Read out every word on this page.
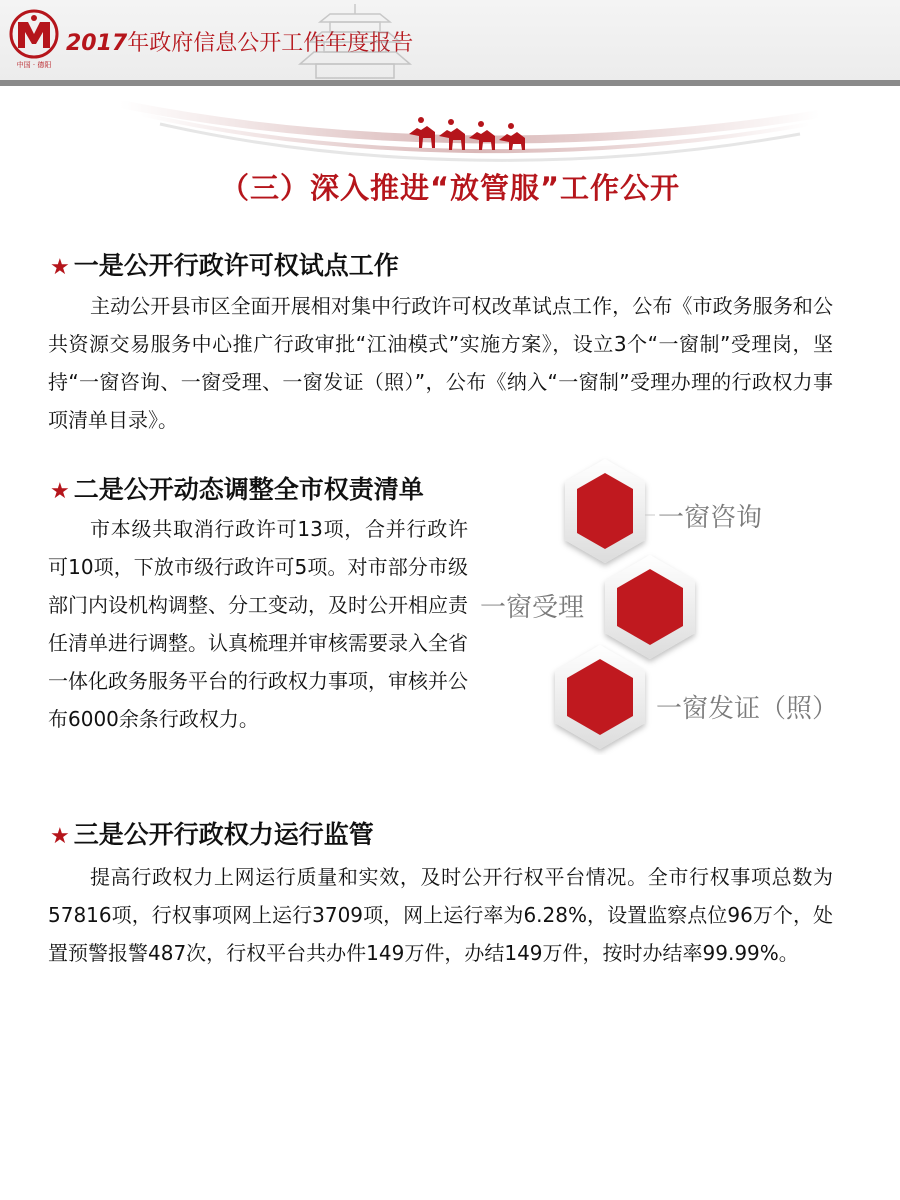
中国 · 德阳
2017年政府信息公开工作年度报告
（三）深入推进“放管服”工作公开
★ 一是公开行政许可权试点工作
主动公开县市区全面开展相对集中行政许可权改革试点工作，公布《市政务服务和公共资源交易服务中心推广行政审批“江油模式”实施方案》，设立3个“一窗制”受理岗，坚持“一窗咨询、一窗受理、一窗发证（照）”，公布《纳入“一窗制”受理办理的行政权力事项清单目录》。
★ 二是公开动态调整全市权责清单
市本级共取消行政许可13项，合并行政许可10项，下放市级行政许可5项。对市部分市级部门内设机构调整、分工变动，及时公开相应责任清单进行调整。认真梳理并审核需要录入全省一体化政务服务平台的行政权力事项，审核并公布6000余条行政权力。
一窗咨询
一窗受理
一窗发证（照）
★ 三是公开行政权力运行监管
提高行政权力上网运行质量和实效，及时公开行权平台情况。全市行权事项总数为57816项，行权事项网上运行3709项，网上运行率为6.28%，设置监察点位96万个，处置预警报警487次，行权平台共办件149万件，办结149万件，按时办结率99.99%。
